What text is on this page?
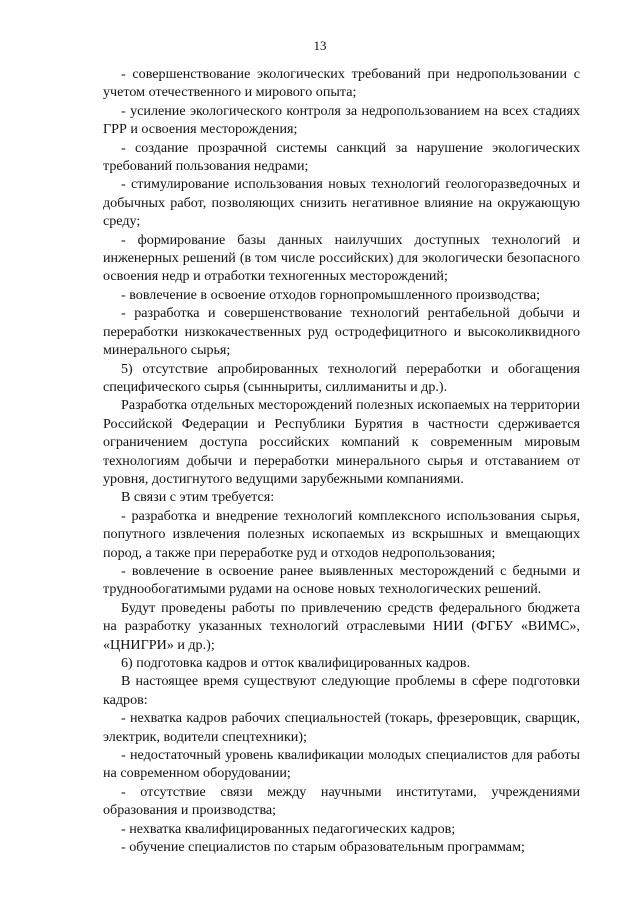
13

- совершенствование экологических требований при недропользовании с учетом отечественного и мирового опыта;

- усиление экологического контроля за недропользованием на всех стадиях ГРР и освоения месторождения;

- создание прозрачной системы санкций за нарушение экологических требований пользования недрами;

- стимулирование использования новых технологий геологоразведочных и добычных работ, позволяющих снизить негативное влияние на окружающую среду;

- формирование базы данных наилучших доступных технологий и инженерных решений (в том числе российских) для экологически безопасного освоения недр и отработки техногенных месторождений;

- вовлечение в освоение отходов горнопромышленного производства;

- разработка и совершенствование технологий рентабельной добычи и переработки низкокачественных руд остродефицитного и высоколиквидного минерального сырья;

5) отсутствие апробированных технологий переработки и обогащения специфического сырья (сынныриты, силлиманиты и др.).

Разработка отдельных месторождений полезных ископаемых на территории Российской Федерации и Республики Бурятия в частности сдерживается ограничением доступа российских компаний к современным мировым технологиям добычи и переработки минерального сырья и отставанием от уровня, достигнутого ведущими зарубежными компаниями.

В связи с этим требуется:

- разработка и внедрение технологий комплексного использования сырья, попутного извлечения полезных ископаемых из вскрышных и вмещающих пород, а также при переработке руд и отходов недропользования;

- вовлечение в освоение ранее выявленных месторождений с бедными и труднообогатимыми рудами на основе новых технологических решений.

Будут проведены работы по привлечению средств федерального бюджета на разработку указанных технологий отраслевыми НИИ (ФГБУ «ВИМС», «ЦНИГРИ» и др.);

6) подготовка кадров и отток квалифицированных кадров.

В настоящее время существуют следующие проблемы в сфере подготовки кадров:

- нехватка кадров рабочих специальностей (токарь, фрезеровщик, сварщик, электрик, водители спецтехники);

- недостаточный уровень квалификации молодых специалистов для работы на современном оборудовании;

- отсутствие связи между научными институтами, учреждениями образования и производства;

- нехватка квалифицированных педагогических кадров;

- обучение специалистов по старым образовательным программам;
